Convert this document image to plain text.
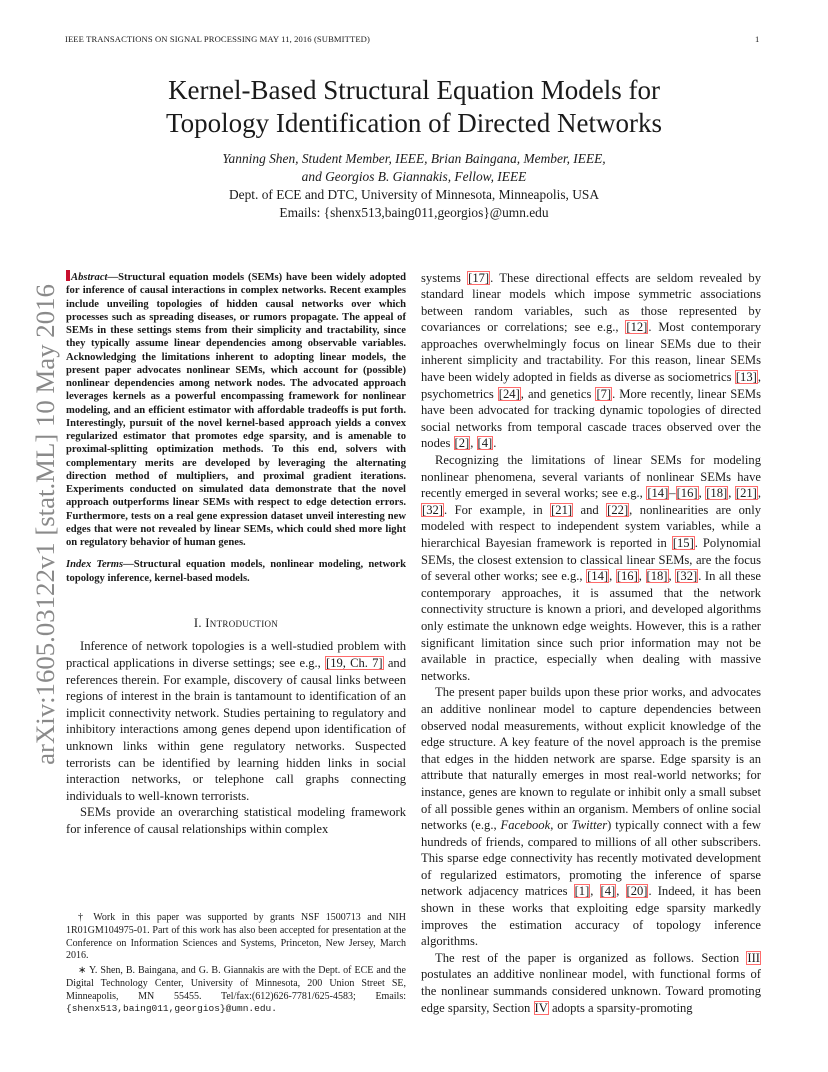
IEEE TRANSACTIONS ON SIGNAL PROCESSING MAY 11, 2016 (SUBMITTED)	1
arXiv:1605.03122v1 [stat.ML] 10 May 2016
Kernel-Based Structural Equation Models for
Topology Identification of Directed Networks
Yanning Shen, Student Member, IEEE, Brian Baingana, Member, IEEE,
and Georgios B. Giannakis, Fellow, IEEE
Dept. of ECE and DTC, University of Minnesota, Minneapolis, USA
Emails: {shenx513,baing011,georgios}@umn.edu
Abstract—Structural equation models (SEMs) have been widely adopted for inference of causal interactions in complex networks. Recent examples include unveiling topologies of hidden causal networks over which processes such as spreading diseases, or rumors propagate. The appeal of SEMs in these settings stems from their simplicity and tractability, since they typically assume linear dependencies among observable variables. Acknowledging the limitations inherent to adopting linear models, the present paper advocates nonlinear SEMs, which account for (possible) nonlinear dependencies among network nodes. The advocated approach leverages kernels as a powerful encompassing framework for nonlinear modeling, and an efficient estimator with affordable tradeoffs is put forth. Interestingly, pursuit of the novel kernel-based approach yields a convex regularized estimator that promotes edge sparsity, and is amenable to proximal-splitting optimization methods. To this end, solvers with complementary merits are developed by leveraging the alternating direction method of multipliers, and proximal gradient iterations. Experiments conducted on simulated data demonstrate that the novel approach outperforms linear SEMs with respect to edge detection errors. Furthermore, tests on a real gene expression dataset unveil interesting new edges that were not revealed by linear SEMs, which could shed more light on regulatory behavior of human genes.
Index Terms—Structural equation models, nonlinear modeling, network topology inference, kernel-based models.
I. Introduction

Inference of network topologies is a well-studied problem with practical applications in diverse settings; see e.g., [19, Ch. 7] and references therein. For example, discovery of causal links between regions of interest in the brain is tantamount to identification of an implicit connectivity network. Studies pertaining to regulatory and inhibitory interactions among genes depend upon identification of unknown links within gene regulatory networks. Suspected terrorists can be identified by learning hidden links in social interaction networks, or telephone call graphs connecting individuals to well-known terrorists.

SEMs provide an overarching statistical modeling framework for inference of causal relationships within complex

† Work in this paper was supported by grants NSF 1500713 and NIH 1R01GM104975-01. Part of this work has also been accepted for presentation at the Conference on Information Sciences and Systems, Princeton, New Jersey, March 2016.

∗ Y. Shen, B. Baingana, and G. B. Giannakis are with the Dept. of ECE and the Digital Technology Center, University of Minnesota, 200 Union Street SE, Minneapolis, MN 55455. Tel/fax:(612)626-7781/625-4583; Emails: {shenx513,baing011,georgios}@umn.edu.

systems [17]. These directional effects are seldom revealed by standard linear models which impose symmetric associations between random variables, such as those represented by covariances or correlations; see e.g., [12]. Most contemporary approaches overwhelmingly focus on linear SEMs due to their inherent simplicity and tractability. For this reason, linear SEMs have been widely adopted in fields as diverse as sociometrics [13], psychometrics [24], and genetics [7]. More recently, linear SEMs have been advocated for tracking dynamic topologies of directed social networks from temporal cascade traces observed over the nodes [2], [4].

Recognizing the limitations of linear SEMs for modeling nonlinear phenomena, several variants of nonlinear SEMs have recently emerged in several works; see e.g., [14]–[16], [18], [21], [32]. For example, in [21] and [22], nonlinearities are only modeled with respect to independent system variables, while a hierarchical Bayesian framework is reported in [15]. Polynomial SEMs, the closest extension to classical linear SEMs, are the focus of several other works; see e.g., [14], [16], [18], [32]. In all these contemporary approaches, it is assumed that the network connectivity structure is known a priori, and developed algorithms only estimate the unknown edge weights. However, this is a rather significant limitation since such prior information may not be available in practice, especially when dealing with massive networks.

The present paper builds upon these prior works, and advocates an additive nonlinear model to capture dependencies between observed nodal measurements, without explicit knowledge of the edge structure. A key feature of the novel approach is the premise that edges in the hidden network are sparse. Edge sparsity is an attribute that naturally emerges in most real-world networks; for instance, genes are known to regulate or inhibit only a small subset of all possible genes within an organism. Members of online social networks (e.g., Facebook, or Twitter) typically connect with a few hundreds of friends, compared to millions of all other subscribers. This sparse edge connectivity has recently motivated development of regularized estimators, promoting the inference of sparse network adjacency matrices [1], [4], [20]. Indeed, it has been shown in these works that exploiting edge sparsity markedly improves the estimation accuracy of topology inference algorithms.

The rest of the paper is organized as follows. Section III postulates an additive nonlinear model, with functional forms of the nonlinear summands considered unknown. Toward promoting edge sparsity, Section IV adopts a sparsity-promoting
